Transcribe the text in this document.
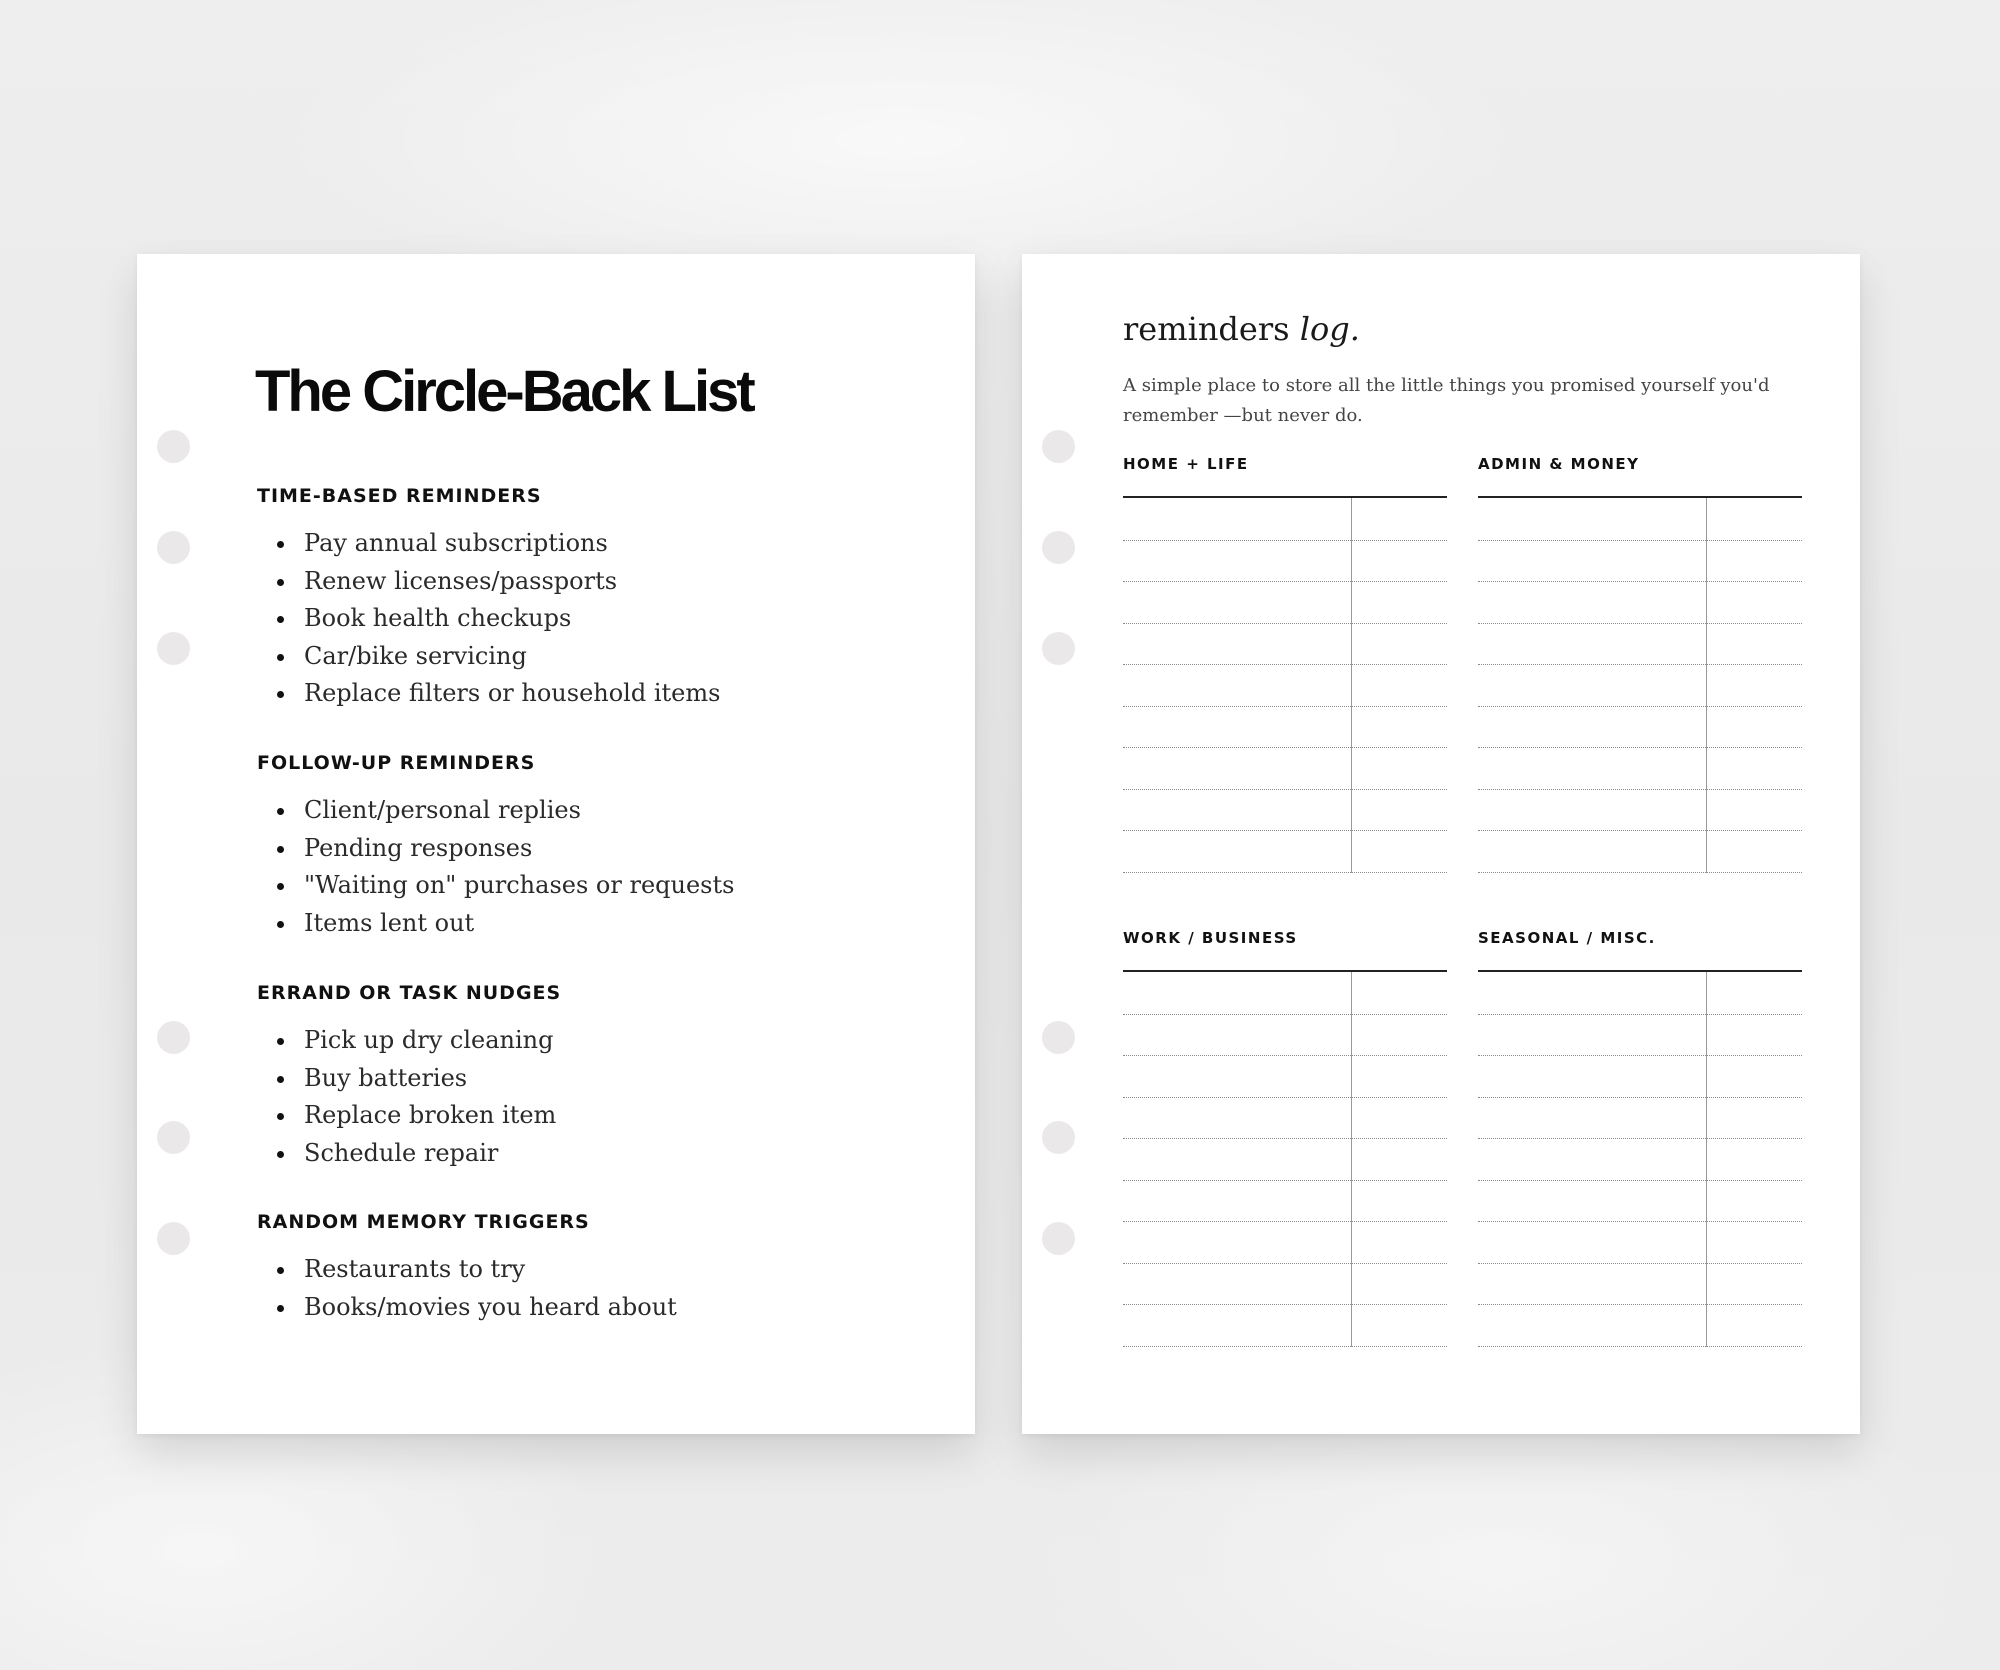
The Circle-Back List
TIME-BASED REMINDERS
Pay annual subscriptions
Renew licenses/passports
Book health checkups
Car/bike servicing
Replace filters or household items
FOLLOW-UP REMINDERS
Client/personal replies
Pending responses
"Waiting on" purchases or requests
Items lent out
ERRAND OR TASK NUDGES
Pick up dry cleaning
Buy batteries
Replace broken item
Schedule repair
RANDOM MEMORY TRIGGERS
Restaurants to try
Books/movies you heard about
reminders log.

A simple place to store all the little things you promised yourself you'd remember —but never do.

HOME + LIFE	ADMIN & MONEY
WORK / BUSINESS	SEASONAL / MISC.
